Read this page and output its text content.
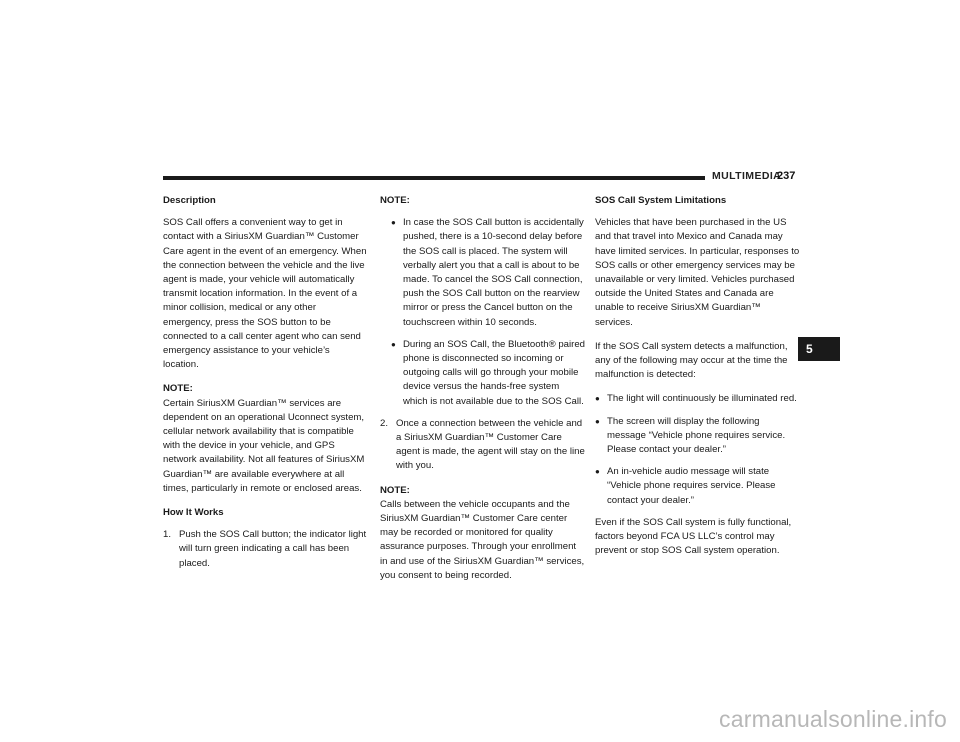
MULTIMEDIA
237
5
Description

SOS Call offers a convenient way to get in contact with a SiriusXM Guardian™ Customer Care agent in the event of an emergency. When the connection between the vehicle and the live agent is made, your vehicle will automatically transmit location information. In the event of a minor collision, medical or any other emergency, press the SOS button to be connected to a call center agent who can send emergency assistance to your vehicle’s location.

NOTE:

Certain SiriusXM Guardian™ services are dependent on an operational Uconnect system, cellular network availability that is compatible with the device in your vehicle, and GPS network availability. Not all features of SiriusXM Guardian™ are available everywhere at all times, particularly in remote or enclosed areas.

How It Works
1. Push the SOS Call button; the indicator light will turn green indicating a call has been placed.
NOTE:
● In case the SOS Call button is accidentally pushed, there is a 10-second delay before the SOS call is placed. The system will verbally alert you that a call is about to be made. To cancel the SOS Call connection, push the SOS Call button on the rearview mirror or press the Cancel button on the touchscreen within 10 seconds.
● During an SOS Call, the Bluetooth® paired phone is disconnected so incoming or outgoing calls will go through your mobile device versus the hands-free system which is not available due to the SOS Call.
2. Once a connection between the vehicle and a SiriusXM Guardian™ Customer Care agent is made, the agent will stay on the line with you.
NOTE:

Calls between the vehicle occupants and the SiriusXM Guardian™ Customer Care center may be recorded or monitored for quality assurance purposes. Through your enrollment in and use of the SiriusXM Guardian™ services, you consent to being recorded.

SOS Call System Limitations

Vehicles that have been purchased in the US and that travel into Mexico and Canada may have limited services. In particular, responses to SOS calls or other emergency services may be unavailable or very limited. Vehicles purchased outside the United States and Canada are unable to receive SiriusXM Guardian™ services.

If the SOS Call system detects a malfunction, any of the following may occur at the time the malfunction is detected:

● The light will continuously be illuminated red.
● The screen will display the following message “Vehicle phone requires service. Please contact your dealer.”
● An in-vehicle audio message will state “Vehicle phone requires service. Please contact your dealer.”

Even if the SOS Call system is fully functional, factors beyond FCA US LLC’s control may prevent or stop SOS Call system operation.

carmanualsonline.info
